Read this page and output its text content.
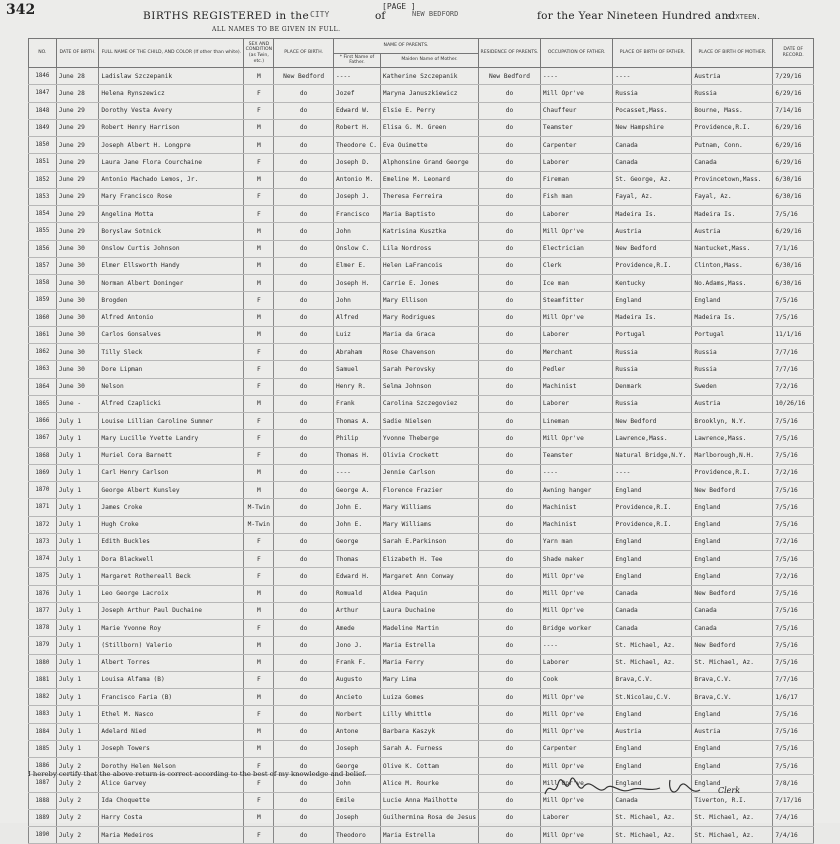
342	[PAGE ]
BIRTHS REGISTERED in the CITY	of	NEW BEDFORD	for the Year Nineteen Hundred and
SIXTEEN.
ALL NAMES TO BE GIVEN IN FULL.
NO.	DATE OF BIRTH.	FULL NAME OF THE CHILD, AND COLOR (If other than white).	SEX AND CONDITION (as Twin, etc.)	PLACE OF BIRTH.	NAME OF PARENTS.		RESIDENCE OF PARENTS.	OCCUPATION OF FATHER.	PLACE OF BIRTH OF FATHER.	PLACE OF BIRTH OF MOTHER.	DATE OF RECORD.
					* First Name of Father.	Maiden Name of Mother.					
1846	June 28	Ladislaw Szczepanik	M	New Bedford	----	Katherine Szczepanik	New Bedford	----	----	Austria	7/29/16
1847	June 28	Helena Rynszewicz	F	do	Jozef	Maryna Januszkiewicz	do	Mill Opr've	Russia	Russia	6/29/16
1848	June 29	Dorothy Vesta Avery	F	do	Edward W.	Elsie E. Perry	do	Chauffeur	Pocasset,Mass.	Bourne, Mass.	7/14/16
1849	June 29	Robert Henry Harrison	M	do	Robert H.	Elisa G. M. Green	do	Teamster	New Hampshire	Providence,R.I.	6/29/16
1850	June 29	Joseph Albert H. Longpre	M	do	Theodore C.	Eva Ouimette	do	Carpenter	Canada	Putnam, Conn.	6/29/16
1851	June 29	Laura Jane Flora Courchaine	F	do	Joseph D.	Alphonsine Grand George	do	Laborer	Canada	Canada	6/29/16
1852	June 29	Antonio Machado Lemos, Jr.	M	do	Antonio M.	Emeline M. Leonard	do	Fireman	St. George, Az.	Provincetown,Mass.	6/30/16
1853	June 29	Mary Francisco Rose	F	do	Joseph J.	Theresa Ferreira	do	Fish man	Fayal, Az.	Fayal, Az.	6/30/16
1854	June 29	Angelina Motta	F	do	Francisco	Maria Baptisto	do	Laborer	Madeira Is.	Madeira Is.	7/5/16
1855	June 29	Boryslaw Sotnick	M	do	John	Katrisina Kusztka	do	Mill Opr've	Austria	Austria	6/29/16
1856	June 30	Onslow Curtis Johnson	M	do	Onslow C.	Lila Nordross	do	Electrician	New Bedford	Nantucket,Mass.	7/1/16
1857	June 30	Elmer Ellsworth Handy	M	do	Elmer E.	Helen LaFrancois	do	Clerk	Providence,R.I.	Clinton,Mass.	6/30/16
1858	June 30	Norman Albert Doninger	M	do	Joseph H.	Carrie E. Jones	do	Ice man	Kentucky	No.Adams,Mass.	6/30/16
1859	June 30	Brogden	F	do	John	Mary Ellison	do	Steamfitter	England	England	7/5/16
1860	June 30	Alfred Antonio	M	do	Alfred	Mary Rodrigues	do	Mill Opr've	Madeira Is.	Madeira Is.	7/5/16
1861	June 30	Carlos Gonsalves	M	do	Luiz	Maria da Graca	do	Laborer	Portugal	Portugal	11/1/16
1862	June 30	Tilly Sleck	F	do	Abraham	Rose Chavenson	do	Merchant	Russia	Russia	7/7/16
1863	June 30	Dore Lipman	F	do	Samuel	Sarah Perovsky	do	Pedler	Russia	Russia	7/7/16
1864	June 30	Nelson	F	do	Henry R.	Selma Johnson	do	Machinist	Denmark	Sweden	7/2/16
1865	June -	Alfred Czaplicki	M	do	Frank	Carolina Szczegoviez	do	Laborer	Russia	Austria	10/26/16
1866	July 1	Louise Lillian Caroline Sumner	F	do	Thomas A.	Sadie Nielsen	do	Lineman	New Bedford	Brooklyn, N.Y.	7/5/16
1867	July 1	Mary Lucille Yvette Landry	F	do	Philip	Yvonne Theberge	do	Mill Opr've	Lawrence,Mass.	Lawrence,Mass.	7/5/16
1868	July 1	Muriel Cora Barnett	F	do	Thomas H.	Olivia Crockett	do	Teamster	Natural Bridge,N.Y.	Marlborough,N.H.	7/5/16
1869	July 1	Carl Henry Carlson	M	do	----	Jennie Carlson	do	----	----	Providence,R.I.	7/2/16
1870	July 1	George Albert Kunsley	M	do	George A.	Florence Frazier	do	Awning hanger	England	New Bedford	7/5/16
1871	July 1	James Croke	M-Twin	do	John E.	Mary Williams	do	Machinist	Providence,R.I.	England	7/5/16
1872	July 1	Hugh Croke	M-Twin	do	John E.	Mary Williams	do	Machinist	Providence,R.I.	England	7/5/16
1873	July 1	Edith Buckles	F	do	George	Sarah E.Parkinson	do	Yarn man	England	England	7/2/16
1874	July 1	Dora Blackwell	F	do	Thomas	Elizabeth H. Tee	do	Shade maker	England	England	7/5/16
1875	July 1	Margaret Rothereall Beck	F	do	Edward H.	Margaret Ann Conway	do	Mill Opr've	England	England	7/2/16
1876	July 1	Leo George Lacroix	M	do	Romuald	Aldea Paquin	do	Mill Opr've	Canada	New Bedford	7/5/16
1877	July 1	Joseph Arthur Paul Duchaine	M	do	Arthur	Laura Duchaine	do	Mill Opr've	Canada	Canada	7/5/16
1878	July 1	Marie Yvonne Roy	F	do	Amede	Madeline Martin	do	Bridge worker	Canada	Canada	7/5/16
1879	July 1	(Stillborn) Valerio	M	do	Jono J.	Maria Estrella	do	----	St. Michael, Az.	New Bedford	7/5/16
1880	July 1	Albert Torres	M	do	Frank F.	Maria Ferry	do	Laborer	St. Michael, Az.	St. Michael, Az.	7/5/16
1881	July 1	Louisa Alfama (B)	F	do	Augusto	Mary Lima	do	Cook	Brava,C.V.	Brava,C.V.	7/7/16
1882	July 1	Francisco Faria (B)	M	do	Ancieto	Luiza Gomes	do	Mill Opr've	St.Nicolau,C.V.	Brava,C.V.	1/6/17
1883	July 1	Ethel M. Nasco	F	do	Norbert	Lilly Whittle	do	Mill Opr've	England	England	7/5/16
1884	July 1	Adelard Nied	M	do	Antone	Barbara Kaszyk	do	Mill Opr've	Austria	Austria	7/5/16
1885	July 1	Joseph Towers	M	do	Joseph	Sarah A. Furness	do	Carpenter	England	England	7/5/16
1886	July 2	Dorothy Helen Nelson	F	do	George	Olive K. Cottam	do	Mill Opr've	England	England	7/5/16
1887	July 2	Alice Garvey	F	do	John	Alice M. Rourke	do	Mill Opr've	England	England	7/8/16
1888	July 2	Ida Choquette	F	do	Emile	Lucie Anna Mailhotte	do	Mill Opr've	Canada	Tiverton, R.I.	7/17/16
1889	July 2	Harry Costa	M	do	Joseph	Guilhermina Rosa de Jesus	do	Laborer	St. Michael, Az.	St. Michael, Az.	7/4/16
1890	July 2	Maria Medeiros	F	do	Theodoro	Maria Estrella	do	Mill Opr've	St. Michael, Az.	St. Michael, Az.	7/4/16
I hereby certify that the above return is correct according to the best of my knowledge and belief.
Clerk
